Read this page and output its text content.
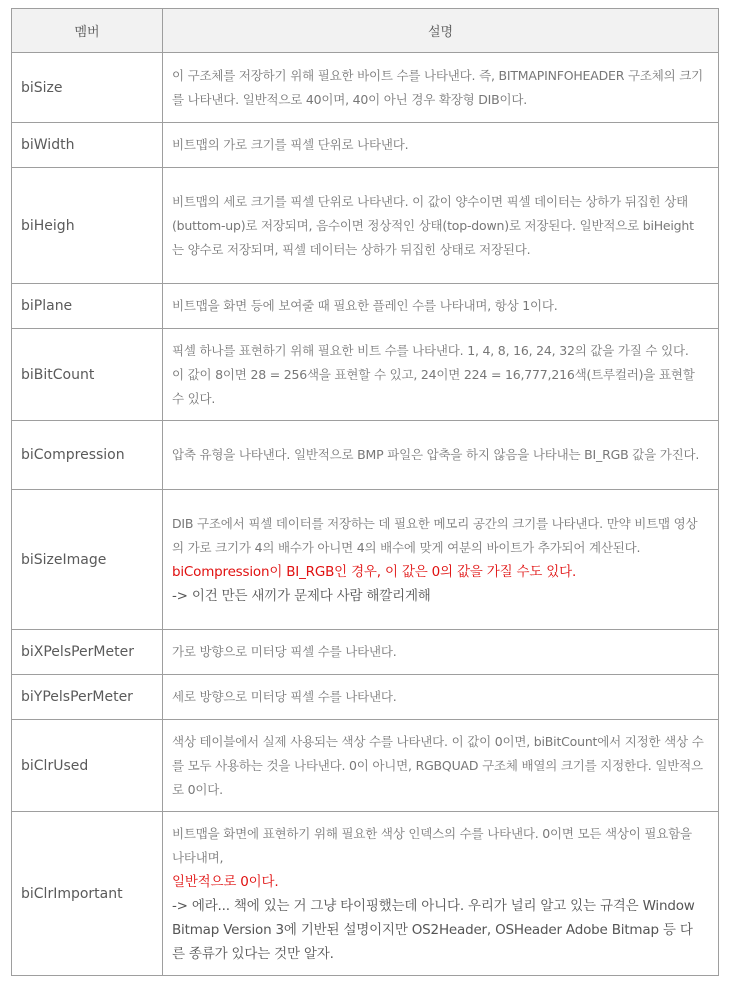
멤버	설명
biSize	이 구조체를 저장하기 위해 필요한 바이트 수를 나타낸다. 즉, BITMAPINFOHEADER 구조체의 크기를 나타낸다. 일반적으로 40이며, 40이 아닌 경우 확장형 DIB이다.
biWidth	비트맵의 가로 크기를 픽셀 단위로 나타낸다.
biHeigh	비트맵의 세로 크기를 픽셀 단위로 나타낸다. 이 값이 양수이면 픽셀 데이터는 상하가 뒤집힌 상태(buttom-up)로 저장되며, 음수이면 정상적인 상태(top-down)로 저장된다. 일반적으로 biHeight는 양수로 저장되며, 픽셀 데이터는 상하가 뒤집힌 상태로 저장된다.
biPlane	비트맵을 화면 등에 보여줄 때 필요한 플레인 수를 나타내며, 항상 1이다.
biBitCount	픽셀 하나를 표현하기 위해 필요한 비트 수를 나타낸다. 1, 4, 8, 16, 24, 32의 값을 가질 수 있다. 이 값이 8이면 28 = 256색을 표현할 수 있고, 24이면 224 = 16,777,216색(트루컬러)을 표현할 수 있다.
biCompression	압축 유형을 나타낸다. 일반적으로 BMP 파일은 압축을 하지 않음을 나타내는 BI_RGB 값을 가진다.
biSizeImage	DIB 구조에서 픽셀 데이터를 저장하는 데 필요한 메모리 공간의 크기를 나타낸다. 만약 비트맵 영상의 가로 크기가 4의 배수가 아니면 4의 배수에 맞게 여분의 바이트가 추가되어 계산된다.
biCompression이 BI_RGB인 경우, 이 값은 0의 값을 가질 수도 있다.
-> 이건 만든 새끼가 문제다 사람 해깔리게해

biXPelsPerMeter	가로 방향으로 미터당 픽셀 수를 나타낸다.
biYPelsPerMeter	세로 방향으로 미터당 픽셀 수를 나타낸다.
biClrUsed	색상 테이블에서 실제 사용되는 색상 수를 나타낸다. 이 값이 0이면, biBitCount에서 지정한 색상 수를 모두 사용하는 것을 나타낸다. 0이 아니면, RGBQUAD 구조체 배열의 크기를 지정한다. 일반적으로 0이다.
biClrImportant	비트맵을 화면에 표현하기 위해 필요한 색상 인덱스의 수를 나타낸다. 0이면 모든 색상이 필요함을 나타내며,
일반적으로 0이다.
-> 에라... 책에 있는 거 그냥 타이핑했는데 아니다. 우리가 널리 알고 있는 규격은 Window Bitmap Version 3에 기반된 설명이지만 OS2Header, OSHeader Adobe Bitmap 등 다른 종류가 있다는 것만 알자.
